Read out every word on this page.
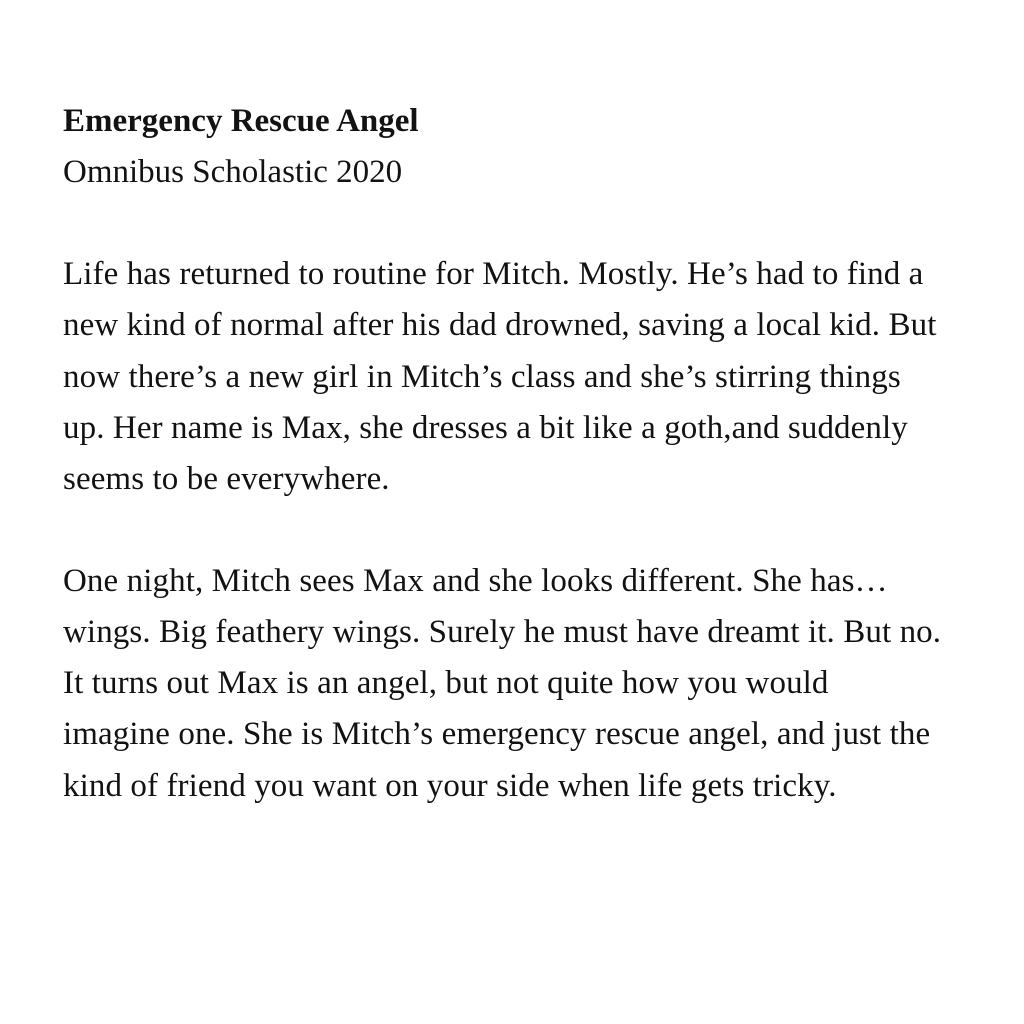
Emergency Rescue Angel
Omnibus Scholastic 2020

Life has returned to routine for Mitch. Mostly. He’s had to find a new kind of normal after his dad drowned, saving a local kid. But now there’s a new girl in Mitch’s class and she’s stirring things up. Her name is Max, she dresses a bit like a goth,and suddenly seems to be everywhere.

One night, Mitch sees Max and she looks different. She has… wings. Big feathery wings. Surely he must have dreamt it. But no. It turns out Max is an angel, but not quite how you would imagine one. She is Mitch’s emergency rescue angel, and just the kind of friend you want on your side when life gets tricky.
